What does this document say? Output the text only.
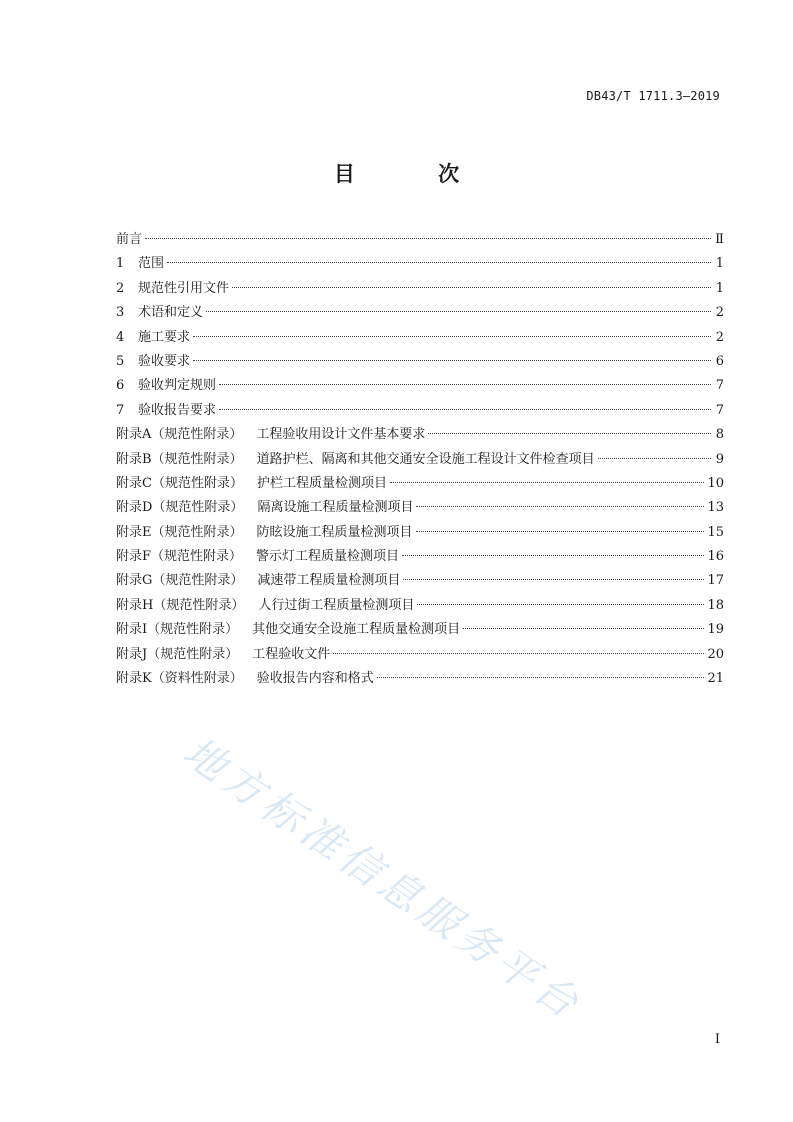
DB43/T 1711.3—2019
目 次
前言	Ⅱ
1	范围	1
2	规范性引用文件	1
3	术语和定义	2
4	施工要求	2
5	验收要求	6
6	验收判定规则	7
7	验收报告要求	7
附录A（规范性附录） 工程验收用设计文件基本要求	8
附录B（规范性附录） 道路护栏、隔离和其他交通安全设施工程设计文件检查项目	9
附录C（规范性附录） 护栏工程质量检测项目	10
附录D（规范性附录） 隔离设施工程质量检测项目	13
附录E（规范性附录） 防眩设施工程质量检测项目	15
附录F（规范性附录） 警示灯工程质量检测项目	16
附录G（规范性附录） 减速带工程质量检测项目	17
附录H（规范性附录） 人行过街工程质量检测项目	18
附录I（规范性附录） 其他交通安全设施工程质量检测项目	19
附录J（规范性附录） 工程验收文件	20
附录K（资料性附录） 验收报告内容和格式	21
I
地方标准信息服务平台
